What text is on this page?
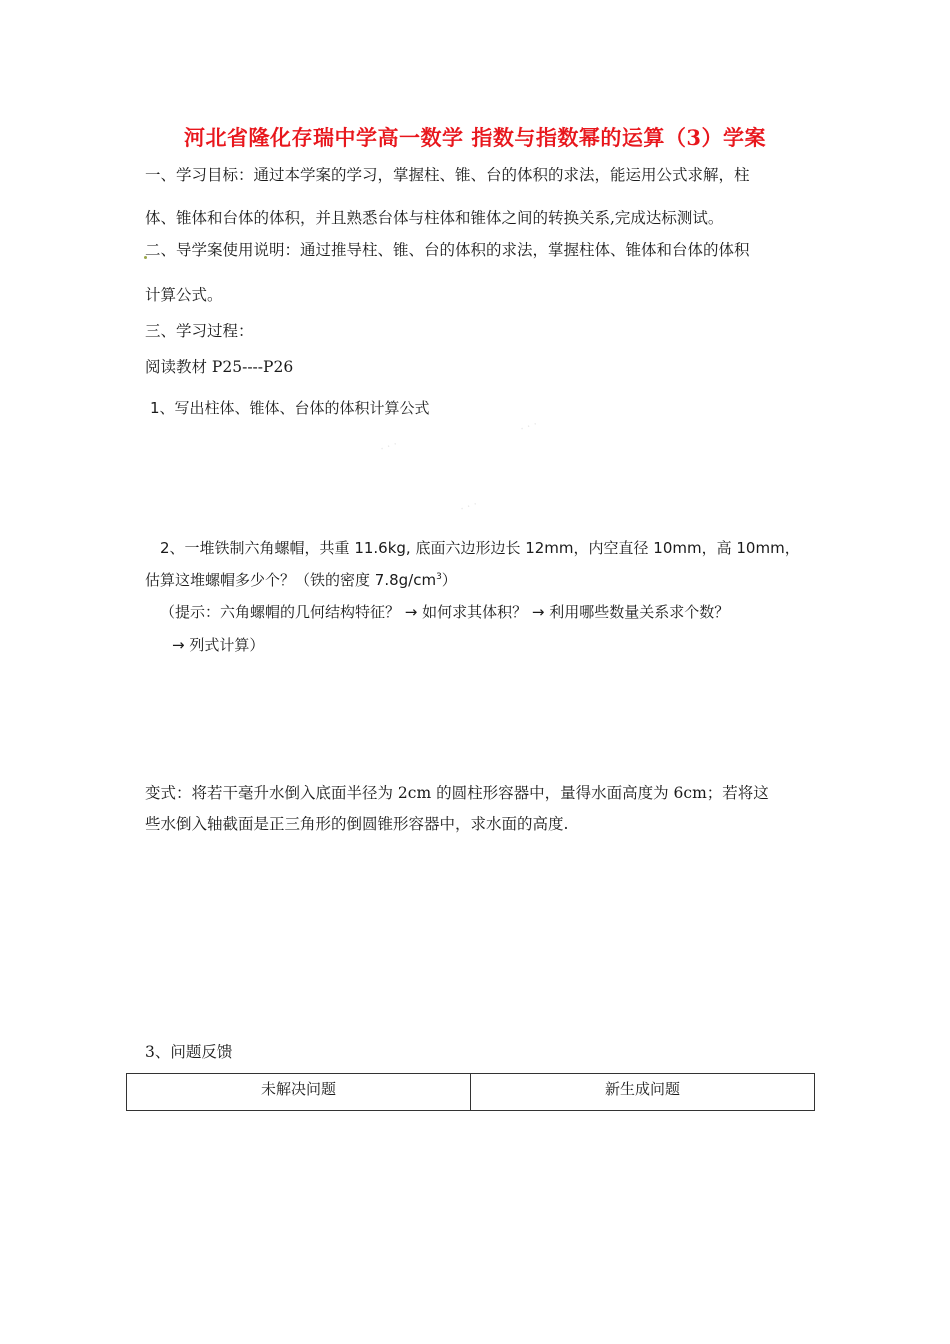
河北省隆化存瑞中学高一数学 指数与指数幂的运算（3）学案
一、学习目标：通过本学案的学习，掌握柱、锥、台的体积的求法，能运用公式求解，柱
体、锥体和台体的体积，并且熟悉台体与柱体和锥体之间的转换关系,完成达标测试。
二、导学案使用说明：通过推导柱、锥、台的体积的求法，掌握柱体、锥体和台体的体积
计算公式。
三、学习过程：
阅读教材 P25----P26
1、写出柱体、锥体、台体的体积计算公式
· · ·
· · ·
· · ·
2、一堆铁制六角螺帽，共重 11.6kg, 底面六边形边长 12mm，内空直径 10mm，高 10mm，
估算这堆螺帽多少个？（铁的密度 $7.8g/cm^3$）
（提示：六角螺帽的几何结构特征？ → 如何求其体积？ → 利用哪些数量关系求个数？
→ 列式计算）
变式：将若干毫升水倒入底面半径为 2cm 的圆柱形容器中，量得水面高度为 6cm；若将这
些水倒入轴截面是正三角形的倒圆锥形容器中，求水面的高度.
3、问题反馈
未解决问题	新生成问题
